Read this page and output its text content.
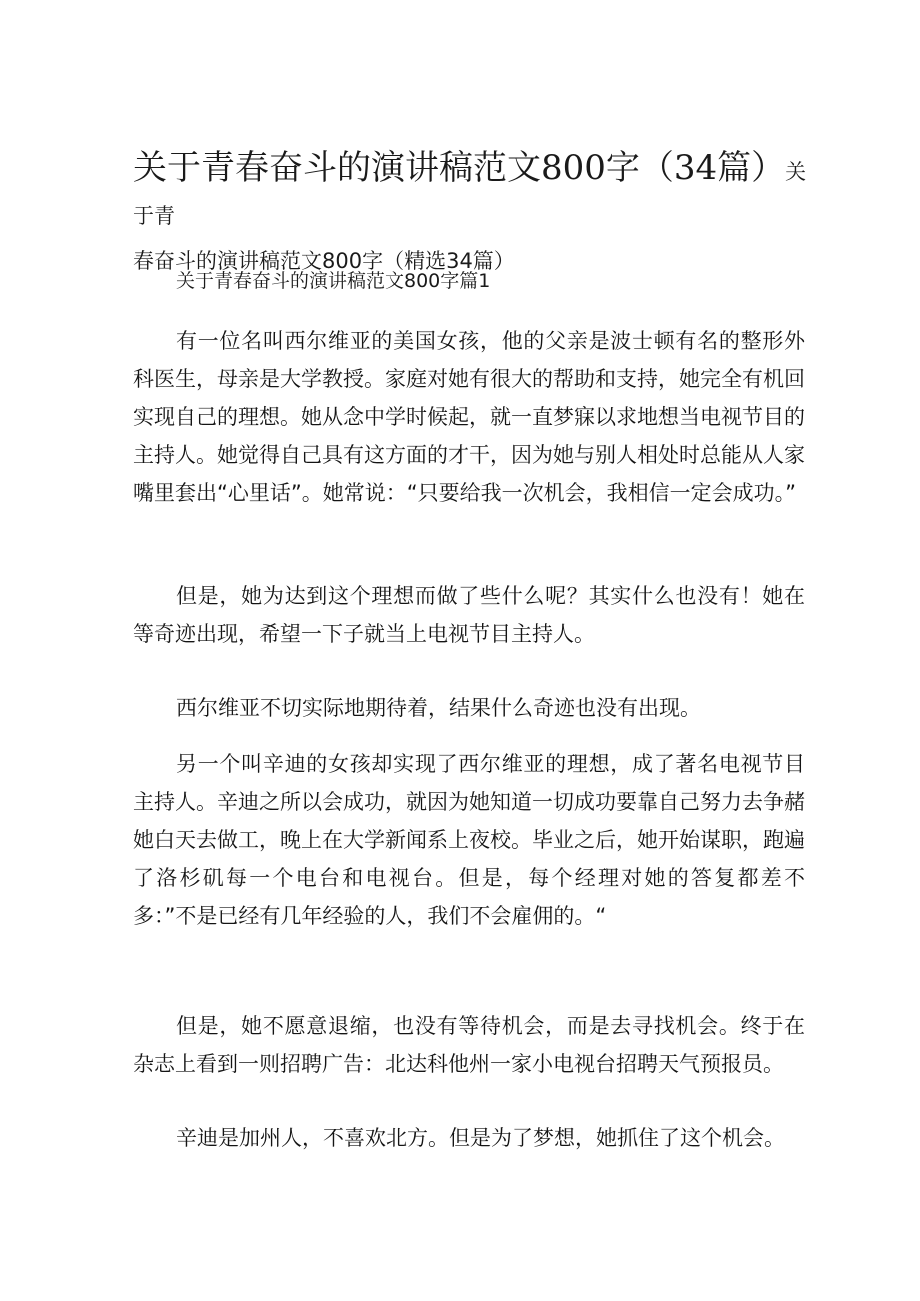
关于青春奋斗的演讲稿范文800字（34篇）关于青
春奋斗的演讲稿范文800字（精选34篇）
关于青春奋斗的演讲稿范文800字篇1

有一位名叫西尔维亚的美国女孩，他的父亲是波士顿有名的整形外科医生，母亲是大学教授。家庭对她有很大的帮助和支持，她完全有机回实现自己的理想。她从念中学时候起，就一直梦寐以求地想当电视节目的主持人。她觉得自己具有这方面的才干，因为她与别人相处时总能从人家嘴里套出“心里话”。她常说：“只要给我一次机会，我相信一定会成功。”

但是，她为达到这个理想而做了些什么呢？其实什么也没有！她在等奇迹出现，希望一下子就当上电视节目主持人。

西尔维亚不切实际地期待着，结果什么奇迹也没有出现。

另一个叫辛迪的女孩却实现了西尔维亚的理想，成了著名电视节目主持人。辛迪之所以会成功，就因为她知道一切成功要靠自己努力去争赭她白天去做工，晚上在大学新闻系上夜校。毕业之后，她开始谋职，跑遍了洛杉矶每一个电台和电视台。但是，每个经理对她的答复都差不多：”不是已经有几年经验的人，我们不会雇佣的。“

但是，她不愿意退缩，也没有等待机会，而是去寻找机会。终于在杂志上看到一则招聘广告：北达科他州一家小电视台招聘天气预报员。

辛迪是加州人，不喜欢北方。但是为了梦想，她抓住了这个机会。
